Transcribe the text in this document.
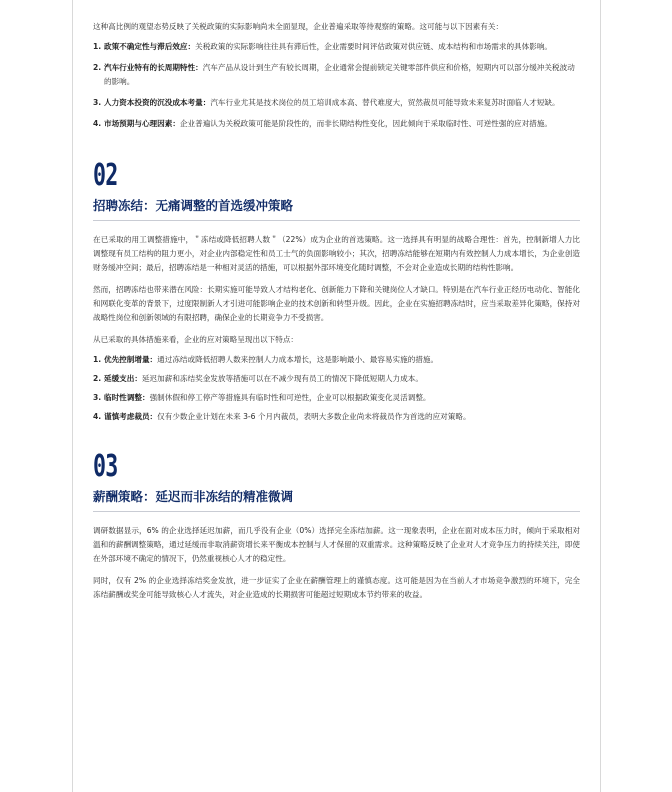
这种高比例的观望态势反映了关税政策的实际影响尚未全面显现，企业普遍采取等待观察的策略。这可能与以下因素有关：

1. 政策不确定性与滞后效应：关税政策的实际影响往往具有滞后性，企业需要时间评估政策对供应链、成本结构和市场需求的具体影响。
2. 汽车行业特有的长周期特性：汽车产品从设计到生产有较长周期，企业通常会提前锁定关键零部件供应和价格，短期内可以部分缓冲关税波动的影响。
3. 人力资本投资的沉没成本考量：汽车行业尤其是技术岗位的员工培训成本高、替代难度大，贸然裁员可能导致未来复苏时面临人才短缺。
4. 市场预期与心理因素：企业普遍认为关税政策可能是阶段性的，而非长期结构性变化，因此倾向于采取临时性、可逆性强的应对措施。
02
招聘冻结：无痛调整的首选缓冲策略

在已采取的用工调整措施中，＂冻结或降低招聘人数＂（22%）成为企业的首选策略。这一选择具有明显的战略合理性：首先，控制新增人力比调整现有员工结构的阻力更小，对企业内部稳定性和员工士气的负面影响较小；其次，招聘冻结能够在短期内有效控制人力成本增长，为企业创造财务缓冲空间；最后，招聘冻结是一种相对灵活的措施，可以根据外部环境变化随时调整，不会对企业造成长期的结构性影响。

然而，招聘冻结也带来潜在风险：长期实施可能导致人才结构老化、创新能力下降和关键岗位人才缺口。特别是在汽车行业正经历电动化、智能化和网联化变革的背景下，过度限制新人才引进可能影响企业的技术创新和转型升级。因此，企业在实施招聘冻结时，应当采取差异化策略，保持对战略性岗位和创新领域的有限招聘，确保企业的长期竞争力不受损害。

从已采取的具体措施来看，企业的应对策略呈现出以下特点：

1. 优先控制增量：通过冻结或降低招聘人数来控制人力成本增长，这是影响最小、最容易实施的措施。
2. 延缓支出：延迟加薪和冻结奖金发放等措施可以在不减少现有员工的情况下降低短期人力成本。
3. 临时性调整：强制休假和停工停产等措施具有临时性和可逆性，企业可以根据政策变化灵活调整。
4. 谨慎考虑裁员：仅有少数企业计划在未来 3-6 个月内裁员，表明大多数企业尚未将裁员作为首选的应对策略。
03
薪酬策略：延迟而非冻结的精准微调

调研数据显示，6% 的企业选择延迟加薪，而几乎没有企业（0%）选择完全冻结加薪。这一现象表明，企业在面对成本压力时，倾向于采取相对温和的薪酬调整策略，通过延缓而非取消薪资增长来平衡成本控制与人才保留的双重需求。这种策略反映了企业对人才竞争压力的持续关注，即使在外部环境不确定的情况下，仍然重视核心人才的稳定性。

同时，仅有 2% 的企业选择冻结奖金发放，进一步证实了企业在薪酬管理上的谨慎态度。这可能是因为在当前人才市场竞争激烈的环境下，完全冻结薪酬或奖金可能导致核心人才流失，对企业造成的长期损害可能超过短期成本节约带来的收益。
